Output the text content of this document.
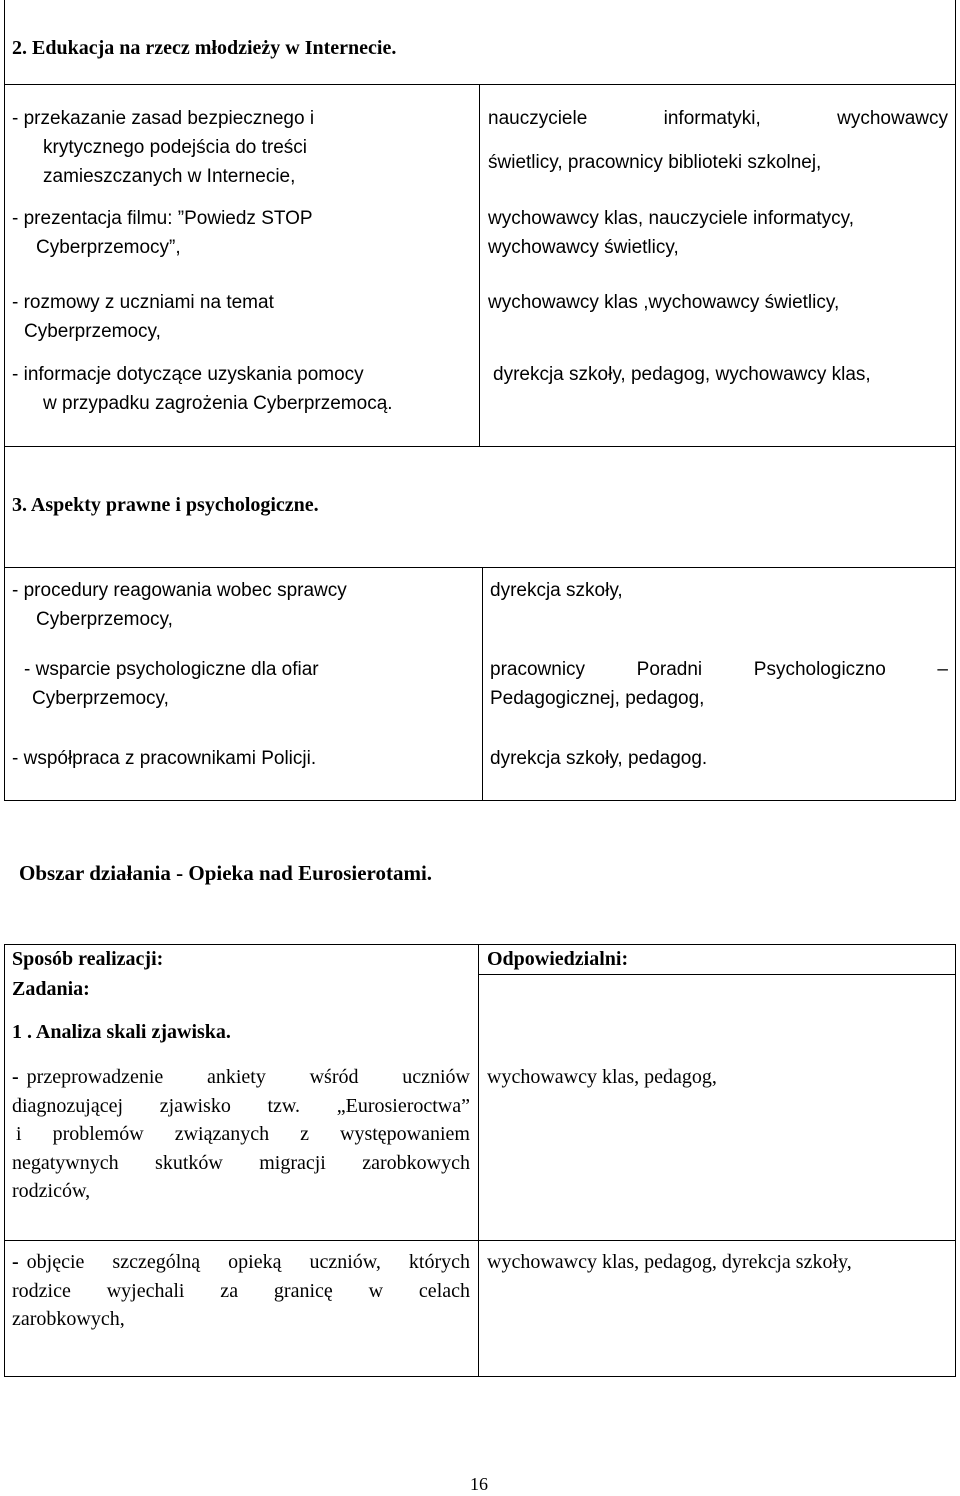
2. Edukacja na rzecz młodzieży w Internecie.
- przekazanie zasad bezpiecznego i
krytycznego podejścia do treści
zamieszczanych w Internecie,
- prezentacja filmu: ”Powiedz STOP
Cyberprzemocy”,
- rozmowy z uczniami na temat
Cyberprzemocy,
- informacje dotyczące uzyskania pomocy
w przypadku zagrożenia Cyberprzemocą.
nauczyciele informatyki, wychowawcy
świetlicy, pracownicy biblioteki szkolnej,
wychowawcy klas, nauczyciele informatycy,
wychowawcy świetlicy,
wychowawcy klas ,wychowawcy świetlicy,
dyrekcja szkoły, pedagog, wychowawcy klas,
3. Aspekty prawne i psychologiczne.
- procedury reagowania wobec sprawcy
Cyberprzemocy,
- wsparcie psychologiczne dla ofiar
Cyberprzemocy,
- współpraca z pracownikami Policji.
dyrekcja szkoły,
pracownicy Poradni Psychologiczno –
Pedagogicznej, pedagog,
dyrekcja szkoły, pedagog.
Obszar działania - Opieka nad Eurosierotami.
Sposób realizacji:	Odpowiedzialni:
Zadania:
1 . Analiza skali zjawiska.
- przeprowadzenie ankiety wśród uczniów
diagnozującej zjawisko tzw. „Eurosieroctwa”
i problemów związanych z występowaniem
negatywnych skutków migracji zarobkowych
rodziców,
wychowawcy klas, pedagog,
- objęcie szczególną opieką uczniów, których
rodzice wyjechali za granicę w celach
zarobkowych,
wychowawcy klas, pedagog, dyrekcja szkoły,
16
